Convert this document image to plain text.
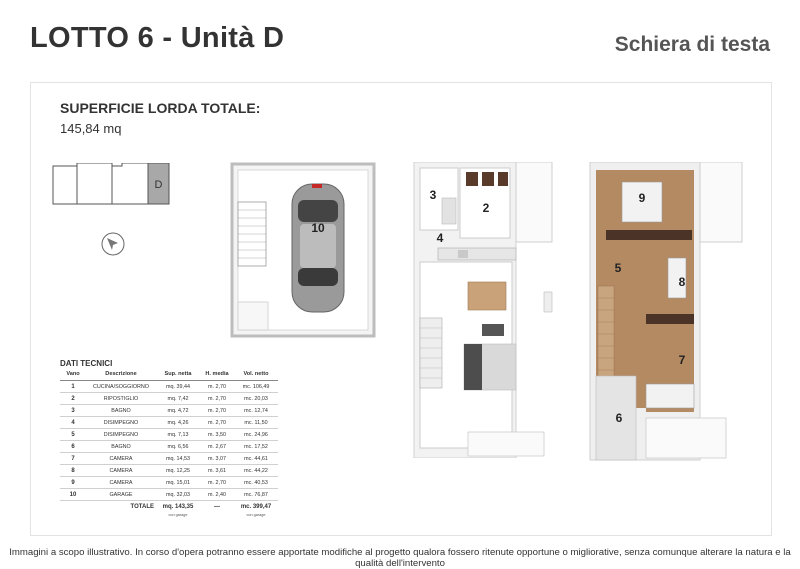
LOTTO 6 - Unità D	Schiera di testa
SUPERFICIE LORDA TOTALE:
145,84 mq
D
10
3
2
4
9
5
8
7
6
DATI TECNICI
Vano	Descrizione	Sup. netta	H. media	Vol. netto
1	CUCINA/SOGGIORNO	mq. 39,44	m. 2,70	mc. 106,49
2	RIPOSTIGLIO	mq. 7,42	m. 2,70	mc. 20,03
3	BAGNO	mq. 4,72	m. 2,70	mc. 12,74
4	DISIMPEGNO	mq. 4,26	m. 2,70	mc. 11,50
5	DISIMPEGNO	mq. 7,13	m. 3,50	mc. 24,96
6	BAGNO	mq. 6,56	m. 2,67	mc. 17,52
7	CAMERA	mq. 14,53	m. 3,07	mc. 44,61
8	CAMERA	mq. 12,25	m. 3,61	mc. 44,22
9	CAMERA	mq. 15,01	m. 2,70	mc. 40,53
10	GARAGE	mq. 32,03	m. 2,40	mc. 76,87
	TOTALE	mq. 143,35	—	mc. 399,47
		con garage		con garage
Immagini a scopo illustrativo. In corso d'opera potranno essere apportate modifiche al progetto qualora fossero ritenute opportune o migliorative, senza comunque alterare la natura e la qualità dell'intervento
